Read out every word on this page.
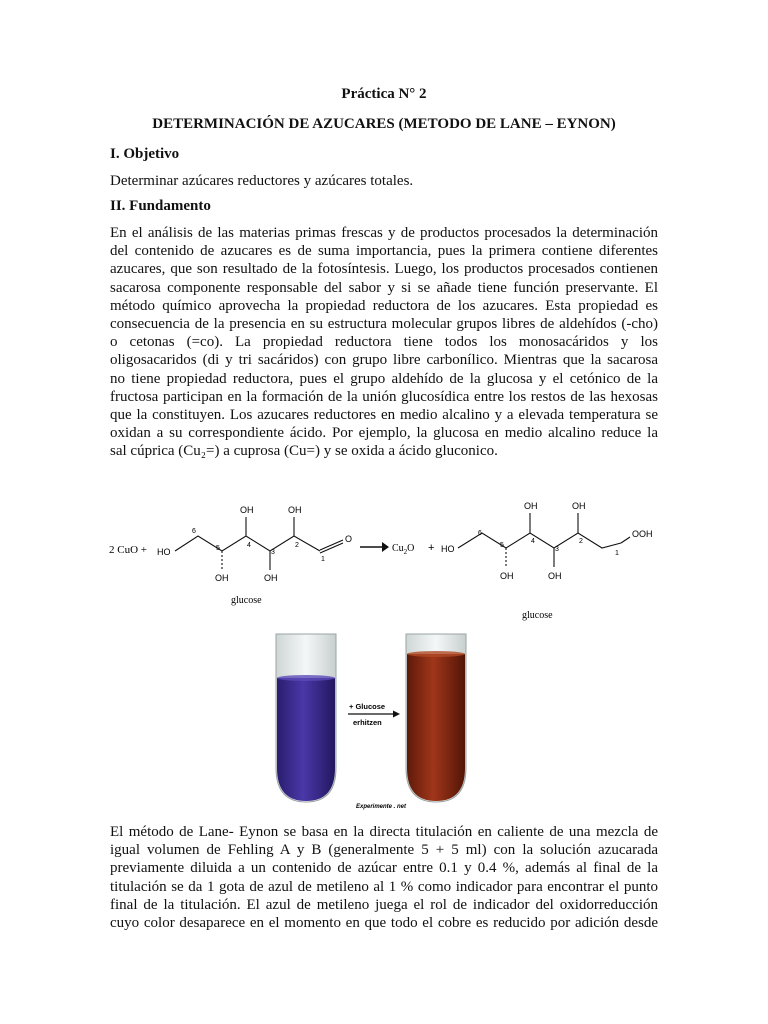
Práctica N° 2
DETERMINACIÓN DE AZUCARES (METODO DE LANE – EYNON)
I. Objetivo
Determinar azúcares reductores y azúcares totales.
II. Fundamento
En el análisis de las materias primas frescas y de productos procesados la determinación
del contenido de azucares es de suma importancia, pues la primera contiene diferentes
azucares, que son resultado de la fotosíntesis. Luego, los productos procesados contienen
sacarosa componente responsable del sabor y si se añade tiene función preservante. El
método químico aprovecha la propiedad reductora de los azucares. Esta propiedad es
consecuencia de la presencia en su estructura molecular grupos libres de aldehídos (-cho)
o cetonas (=co). La propiedad reductora tiene todos los monosacáridos y los
oligosacaridos (di y tri sacáridos) con grupo libre carbonílico. Mientras que la sacarosa
no tiene propiedad reductora, pues el grupo aldehído de la glucosa y el cetónico de la
fructosa participan en la formación de la unión glucosídica entre los restos de las hexosas
que la constituyen. Los azucares reductores en medio alcalino y a elevada temperatura se
oxidan a su correspondiente ácido. Por ejemplo, la glucosa en medio alcalino reduce la
sal cúprica (Cu₂=) a cuprosa (Cu=) y se oxida a ácido gluconico.
2 CuO + HO
OH	OH
OH	OH
O
6
5	4
3
2
1
glucose
$Cu_2O$ + HO
6
5
4
3
2
1
OH	OH
OH	OH
OOH
glucose
+ Glucose
erhitzen
Experimente . net
El método de Lane- Eynon se basa en la directa titulación en caliente de una mezcla de
igual volumen de Fehling A y B (generalmente 5 + 5 ml) con la solución azucarada
previamente diluida a un contenido de azúcar entre 0.1 y 0.4 %, además al final de la
titulación se da 1 gota de azul de metileno al 1 % como indicador para encontrar el punto
final de la titulación. El azul de metileno juega el rol de indicador del oxidorreducción
cuyo color desaparece en el momento en que todo el cobre es reducido por adición desde
